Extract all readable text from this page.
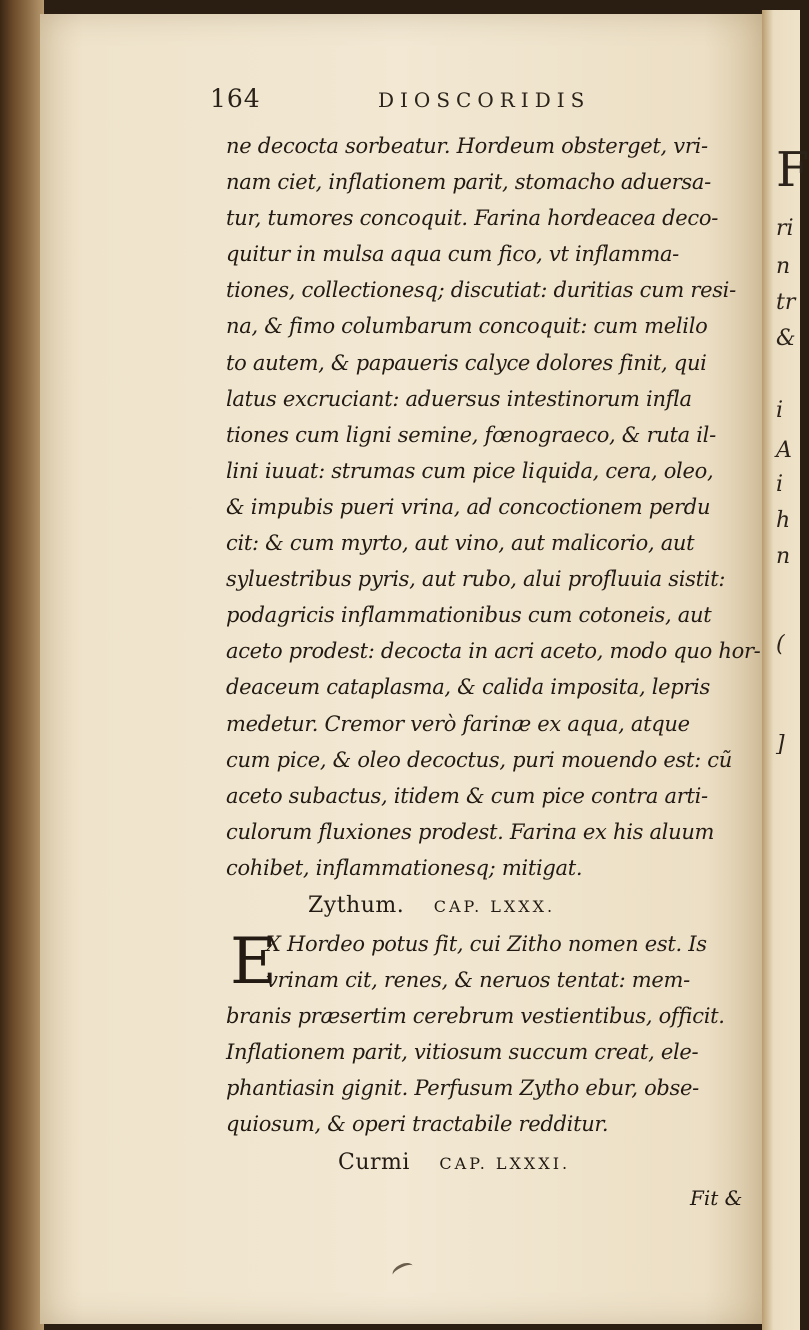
F
ri
n
tr
&
i
A
i
h
n
(
]
164	DIOSCORIDIS
ne decocta sorbeatur. Hordeum obsterget, vri-
nam ciet, inflationem parit, stomacho aduersa-
tur, tumores concoquit. Farina hordeacea deco-
quitur in mulsa aqua cum fico, vt inflamma-
tiones, collectionesq; discutiat: duritias cum resi-
na, & fimo columbarum concoquit: cum melilo
to autem, & papaueris calyce dolores finit, qui
latus excruciant: aduersus intestinorum infla
tiones cum ligni semine, fœnograeco, & ruta il-
lini iuuat: strumas cum pice liquida, cera, oleo,
& impubis pueri vrina, ad concoctionem perdu
cit: & cum myrto, aut vino, aut malicorio, aut
syluestribus pyris, aut rubo, alui profluuia sistit:
podagricis inflammationibus cum cotoneis, aut
aceto prodest: decocta in acri aceto, modo quo hor-
deaceum cataplasma, & calida imposita, lepris
medetur. Cremor verò farinæ ex aqua, atque
cum pice, & oleo decoctus, puri mouendo est: cũ
aceto subactus, itidem & cum pice contra arti-
culorum fluxiones prodest. Farina ex his aluum
cohibet, inflammationesq; mitigat.
Zythum. CAP. LXXX.
E
X Hordeo potus fit, cui Zitho nomen est. Is
vrinam cit, renes, & neruos tentat: mem-
branis præsertim cerebrum vestientibus, officit.
Inflationem parit, vitiosum succum creat, ele-
phantiasin gignit. Perfusum Zytho ebur, obse-
quiosum, & operi tractabile redditur.
Curmi CAP. LXXXI.
Fit &
